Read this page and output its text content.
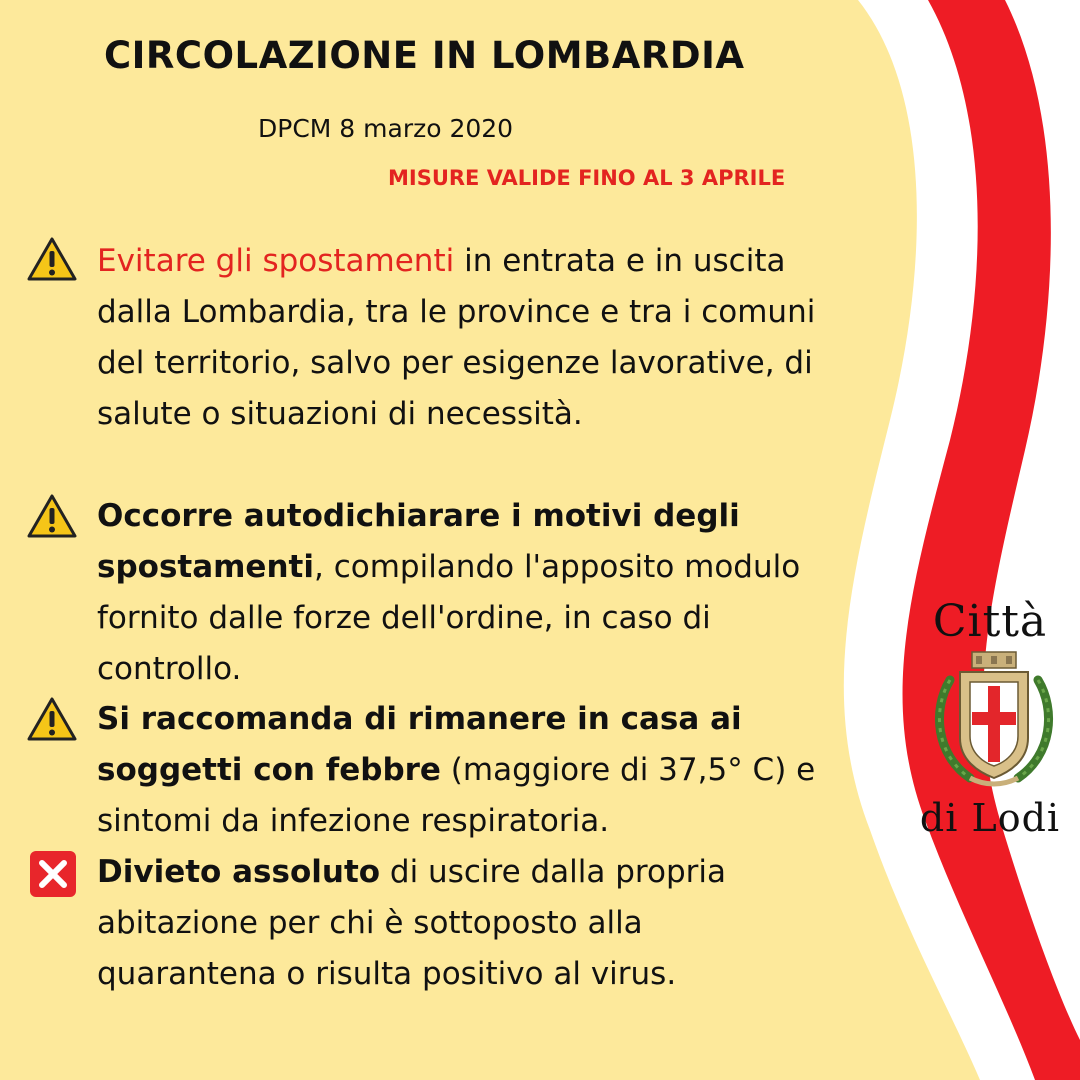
CIRCOLAZIONE IN LOMBARDIA
DPCM 8 marzo 2020
MISURE VALIDE FINO AL 3 APRILE
Evitare gli spostamenti in entrata e in uscita dalla Lombardia, tra le province e tra i comuni del territorio, salvo per esigenze lavorative, di salute o situazioni di necessità.
Occorre autodichiarare i motivi degli spostamenti, compilando l'apposito modulo fornito dalle forze dell'ordine, in caso di controllo.
Si raccomanda di rimanere in casa ai soggetti con febbre (maggiore di 37,5° C) e sintomi da infezione respiratoria.
Divieto assoluto di uscire dalla propria abitazione per chi è sottoposto alla quarantena o risulta positivo al virus.
Città
di Lodi
